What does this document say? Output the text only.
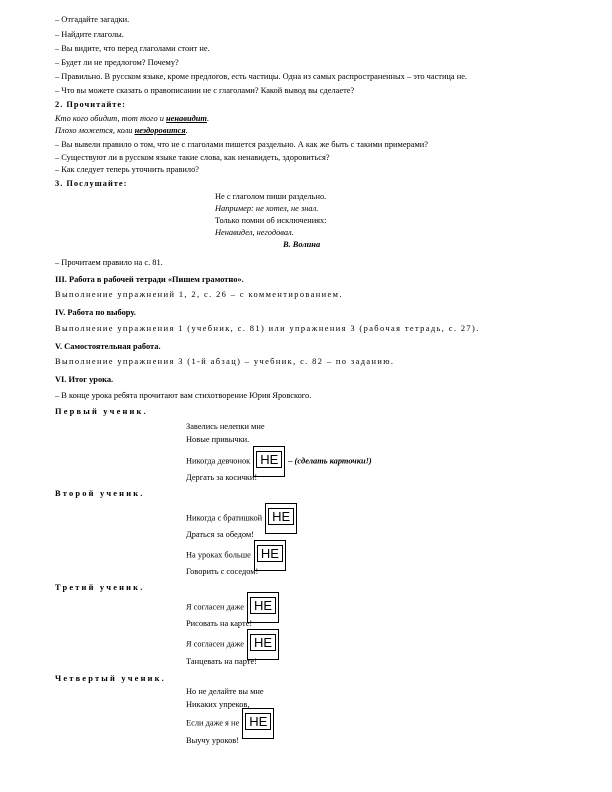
– Отгадайте загадки.
– Найдите глаголы.
– Вы видите, что перед глаголами стоит не.
– Будет ли не предлогом? Почему?
– Правильно. В русском языке, кроме предлогов, есть частицы. Одна из самых распространенных – это частица не.
– Что вы можете сказать о правописании не с глаголами? Какой вывод вы сделаете?
2. Прочитайте:
Кто кого обидит, тот того и ненавидит.
Плохо можется, коли нездоровится.
– Вы вывели правило о том, что не с глаголами пишется раздельно. А как же быть с такими примерами?
– Существуют ли в русском языке такие слова, как ненавидеть, здоровиться?
– Как следует теперь уточнить правило?
3. Послушайте:
Не с глаголом пиши раздельно.
Например: не хотел, не знал.
Только помни об исключениях:
Ненавидел, негодовал.
В. Волина
– Прочитаем правило на с. 81.
III. Работа в рабочей тетради «Пишем грамотно».
Выполнение упражнений 1, 2, с. 26 – с комментированием.
IV. Работа по выбору.
Выполнение упражнения 1 (учебник, с. 81) или упражнения 3 (рабочая тетрадь, с. 27).
V. Самостоятельная работа.
Выполнение упражнения 3 (1-й абзац) – учебник, с. 82 – по заданию.
VI. Итог урока.
– В конце урока ребята прочитают вам стихотворение Юрия Яровского.
Первый ученик.
Завелись нелепки мне
Новые привычки.
Никогда девчонок НЕ – (сделать карточки!)
Дергать за косички!
Второй ученик.
Никогда с братишкой НЕ
Драться за обедом!
На уроках больше НЕ
Говорить с соседом!
Третий ученик.
Я согласен даже НЕ
Рисовать на карте!
Я согласен даже НЕ
Танцевать на парте!
Четвертый ученик.
Но не делайте вы мне
Никаких упреков,
Если даже я не НЕ
Выучу уроков!
